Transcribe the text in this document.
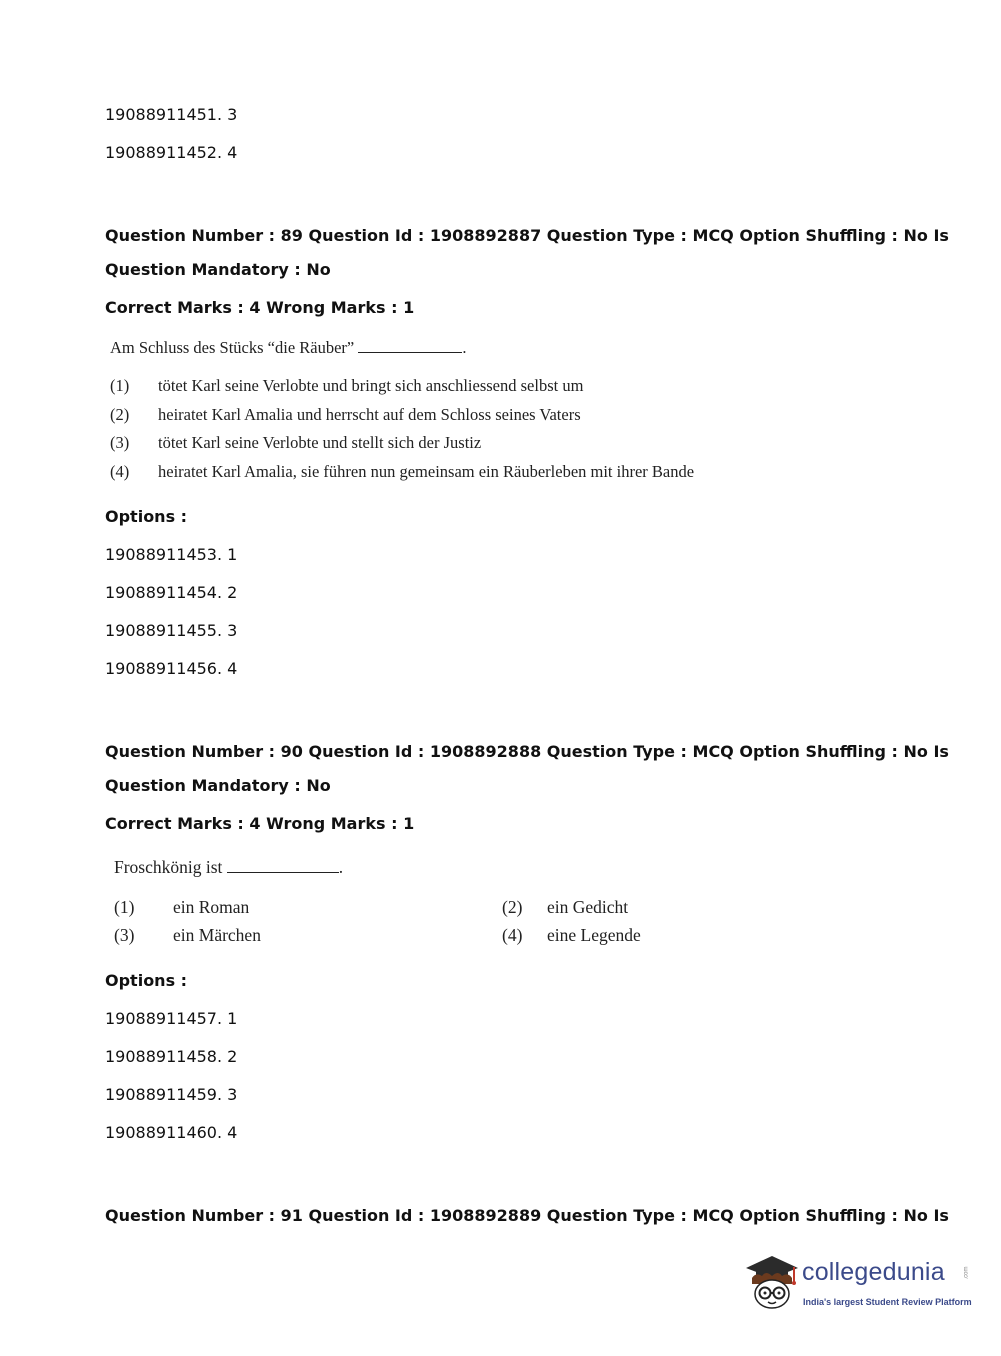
19088911451. 3
19088911452. 4
Question Number : 89 Question Id : 1908892887 Question Type : MCQ Option Shuffling : No Is
Question Mandatory : No
Correct Marks : 4 Wrong Marks : 1
Am Schluss des Stücks “die Räuber”	.
(1) tötet Karl seine Verlobte und bringt sich anschliessend selbst um
(2) heiratet Karl Amalia und herrscht auf dem Schloss seines Vaters
(3) tötet Karl seine Verlobte und stellt sich der Justiz
(4) heiratet Karl Amalia, sie führen nun gemeinsam ein Räuberleben mit ihrer Bande
Options :
19088911453. 1
19088911454. 2
19088911455. 3
19088911456. 4
Question Number : 90 Question Id : 1908892888 Question Type : MCQ Option Shuffling : No Is
Question Mandatory : No
Correct Marks : 4 Wrong Marks : 1
Froschkönig ist	.
(1) ein Roman	(2) ein Gedicht
(3) ein Märchen	(4) eine Legende
Options :
19088911457. 1
19088911458. 2
19088911459. 3
19088911460. 4
Question Number : 91 Question Id : 1908892889 Question Type : MCQ Option Shuffling : No Is
collegedunia	.com
India's largest Student Review Platform
